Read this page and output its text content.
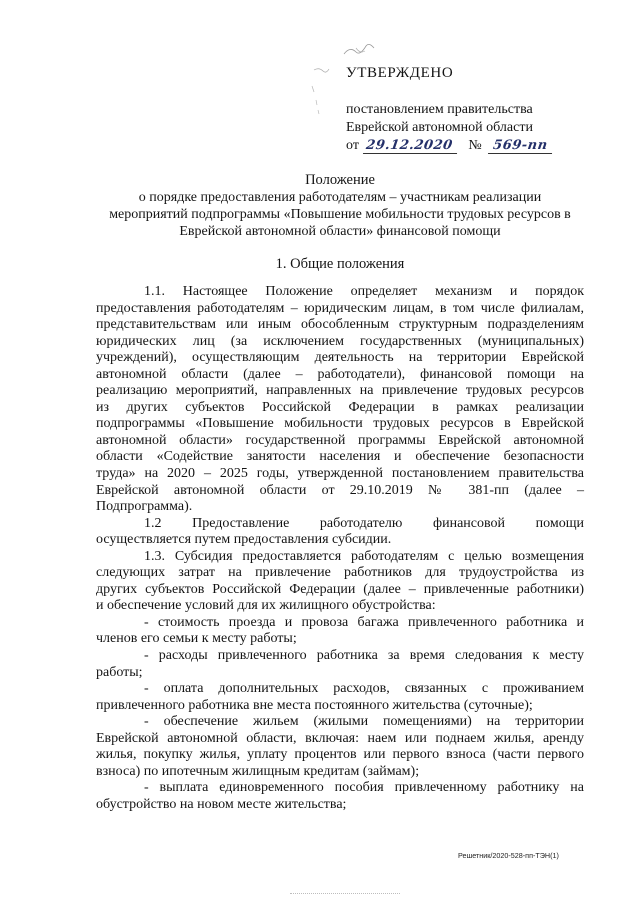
УТВЕРЖДЕНО
постановлением правительства
Еврейской автономной области
от 29.12.2020 № 569-пп
Положение
о порядке предоставления работодателям – участникам реализации
мероприятий подпрограммы «Повышение мобильности трудовых ресурсов в
Еврейской автономной области» финансовой помощи
1. Общие положения
1.1. Настоящее Положение определяет механизм и порядок
предоставления работодателям – юридическим лицам, в том числе филиалам,
представительствам или иным обособленным структурным подразделениям
юридических лиц (за исключением государственных (муниципальных)
учреждений), осуществляющим деятельность на территории Еврейской
автономной области (далее – работодатели), финансовой помощи на
реализацию мероприятий, направленных на привлечение трудовых ресурсов
из других субъектов Российской Федерации в рамках реализации
подпрограммы «Повышение мобильности трудовых ресурсов в Еврейской
автономной области» государственной программы Еврейской автономной
области «Содействие занятости населения и обеспечение безопасности
труда» на 2020 – 2025 годы, утвержденной постановлением правительства
Еврейской автономной области от 29.10.2019 № 381-пп (далее –
Подпрограмма).
1.2 Предоставление работодателю финансовой помощи
осуществляется путем предоставления субсидии.
1.3. Субсидия предоставляется работодателям с целью возмещения
следующих затрат на привлечение работников для трудоустройства из
других субъектов Российской Федерации (далее – привлеченные работники)
и обеспечение условий для их жилищного обустройства:
- стоимость проезда и провоза багажа привлеченного работника и
членов его семьи к месту работы;
- расходы привлеченного работника за время следования к месту
работы;
- оплата дополнительных расходов, связанных с проживанием
привлеченного работника вне места постоянного жительства (суточные);
- обеспечение жильем (жилыми помещениями) на территории
Еврейской автономной области, включая: наем или поднаем жилья, аренду
жилья, покупку жилья, уплату процентов или первого взноса (части первого
взноса) по ипотечным жилищным кредитам (займам);
- выплата единовременного пособия привлеченному работнику на
обустройство на новом месте жительства;
Решетник/2020-528-пп-ТЭН(1)
